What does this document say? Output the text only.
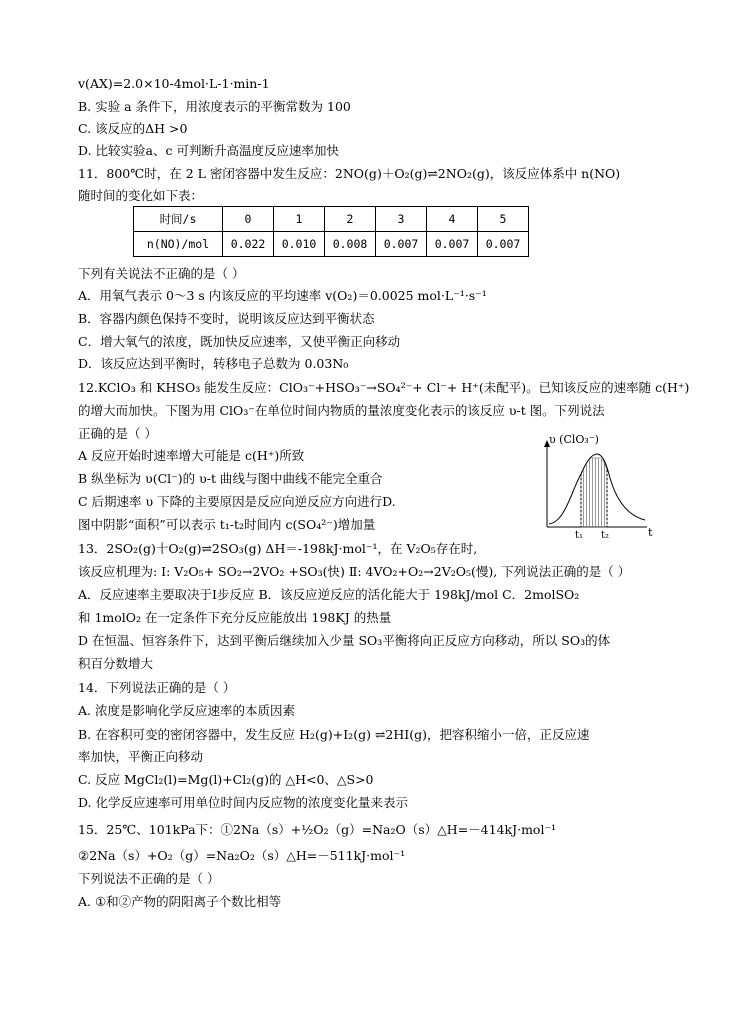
v(AX)=2.0×10-4mol·L-1·min-1
B. 实验 a 条件下，用浓度表示的平衡常数为 100
C. 该反应的ΔH >0
D. 比较实验a、c 可判断升高温度反应速率加快
11．800℃时，在 2 L 密闭容器中发生反应：2NO(g)＋O₂(g)⇌2NO₂(g)，该反应体系中 n(NO)
随时间的变化如下表：
时间/s	0	1	2	3	4	5
n(NO)/mol	0.022	0.010	0.008	0.007	0.007	0.007
下列有关说法不正确的是（ ）
A．用氧气表示 0～3 s 内该反应的平均速率 v(O₂)＝0.0025 mol·L⁻¹·s⁻¹
B．容器内颜色保持不变时，说明该反应达到平衡状态
C．增大氧气的浓度，既加快反应速率，又使平衡正向移动
D．该反应达到平衡时，转移电子总数为 0.03N₀
12.KClO₃ 和 KHSO₃ 能发生反应：ClO₃⁻+HSO₃⁻→SO₄²⁻+ Cl⁻+ H⁺(未配平)。已知该反应的速率随 c(H⁺)
的增大而加快。下图为用 ClO₃⁻在单位时间内物质的量浓度变化表示的该反应 υ-t 图。下列说法
正确的是（ ）
A 反应开始时速率增大可能是 c(H⁺)所致
B 纵坐标为 υ(Cl⁻)的 υ-t 曲线与图中曲线不能完全重合
C 后期速率 υ 下降的主要原因是反应向逆反应方向进行D.
图中阴影“面积”可以表示 t₁-t₂时间内 c(SO₄²⁻)增加量
υ (ClO₃⁻)
t
t₁ t₂
13．2SO₂(g)十O₂(g)⇌2SO₃(g) ΔH＝-198kJ·mol⁻¹，在 V₂O₅存在时,
该反应机理为: Ⅰ: V₂O₅+ SO₂→2VO₂ +SO₃(快) Ⅱ: 4VO₂+O₂→2V₂O₅(慢), 下列说法正确的是（ ）
A．反应速率主要取决于Ⅰ步反应 B．该反应逆反应的活化能大于 198kJ/mol C．2molSO₂
和 1molO₂ 在一定条件下充分反应能放出 198KJ 的热量
D 在恒温、恒容条件下，达到平衡后继续加入少量 SO₃平衡将向正反应方向移动，所以 SO₃的体
积百分数增大
14．下列说法正确的是（ ）
A. 浓度是影响化学反应速率的本质因素
B. 在容积可变的密闭容器中，发生反应 H₂(g)+I₂(g) ⇌2HI(g)，把容积缩小一倍，正反应速
率加快，平衡正向移动
C. 反应 MgCl₂(l)=Mg(l)+Cl₂(g)的 △H<0、△S>0
D. 化学反应速率可用单位时间内反应物的浓度变化量来表示
15．25℃、101kPa下：①2Na（s）+½O₂（g）=Na₂O（s）△H=－414kJ·mol⁻¹
②2Na（s）+O₂（g）=Na₂O₂（s）△H=－511kJ·mol⁻¹
下列说法不正确的是（ ）
A. ①和②产物的阴阳离子个数比相等
